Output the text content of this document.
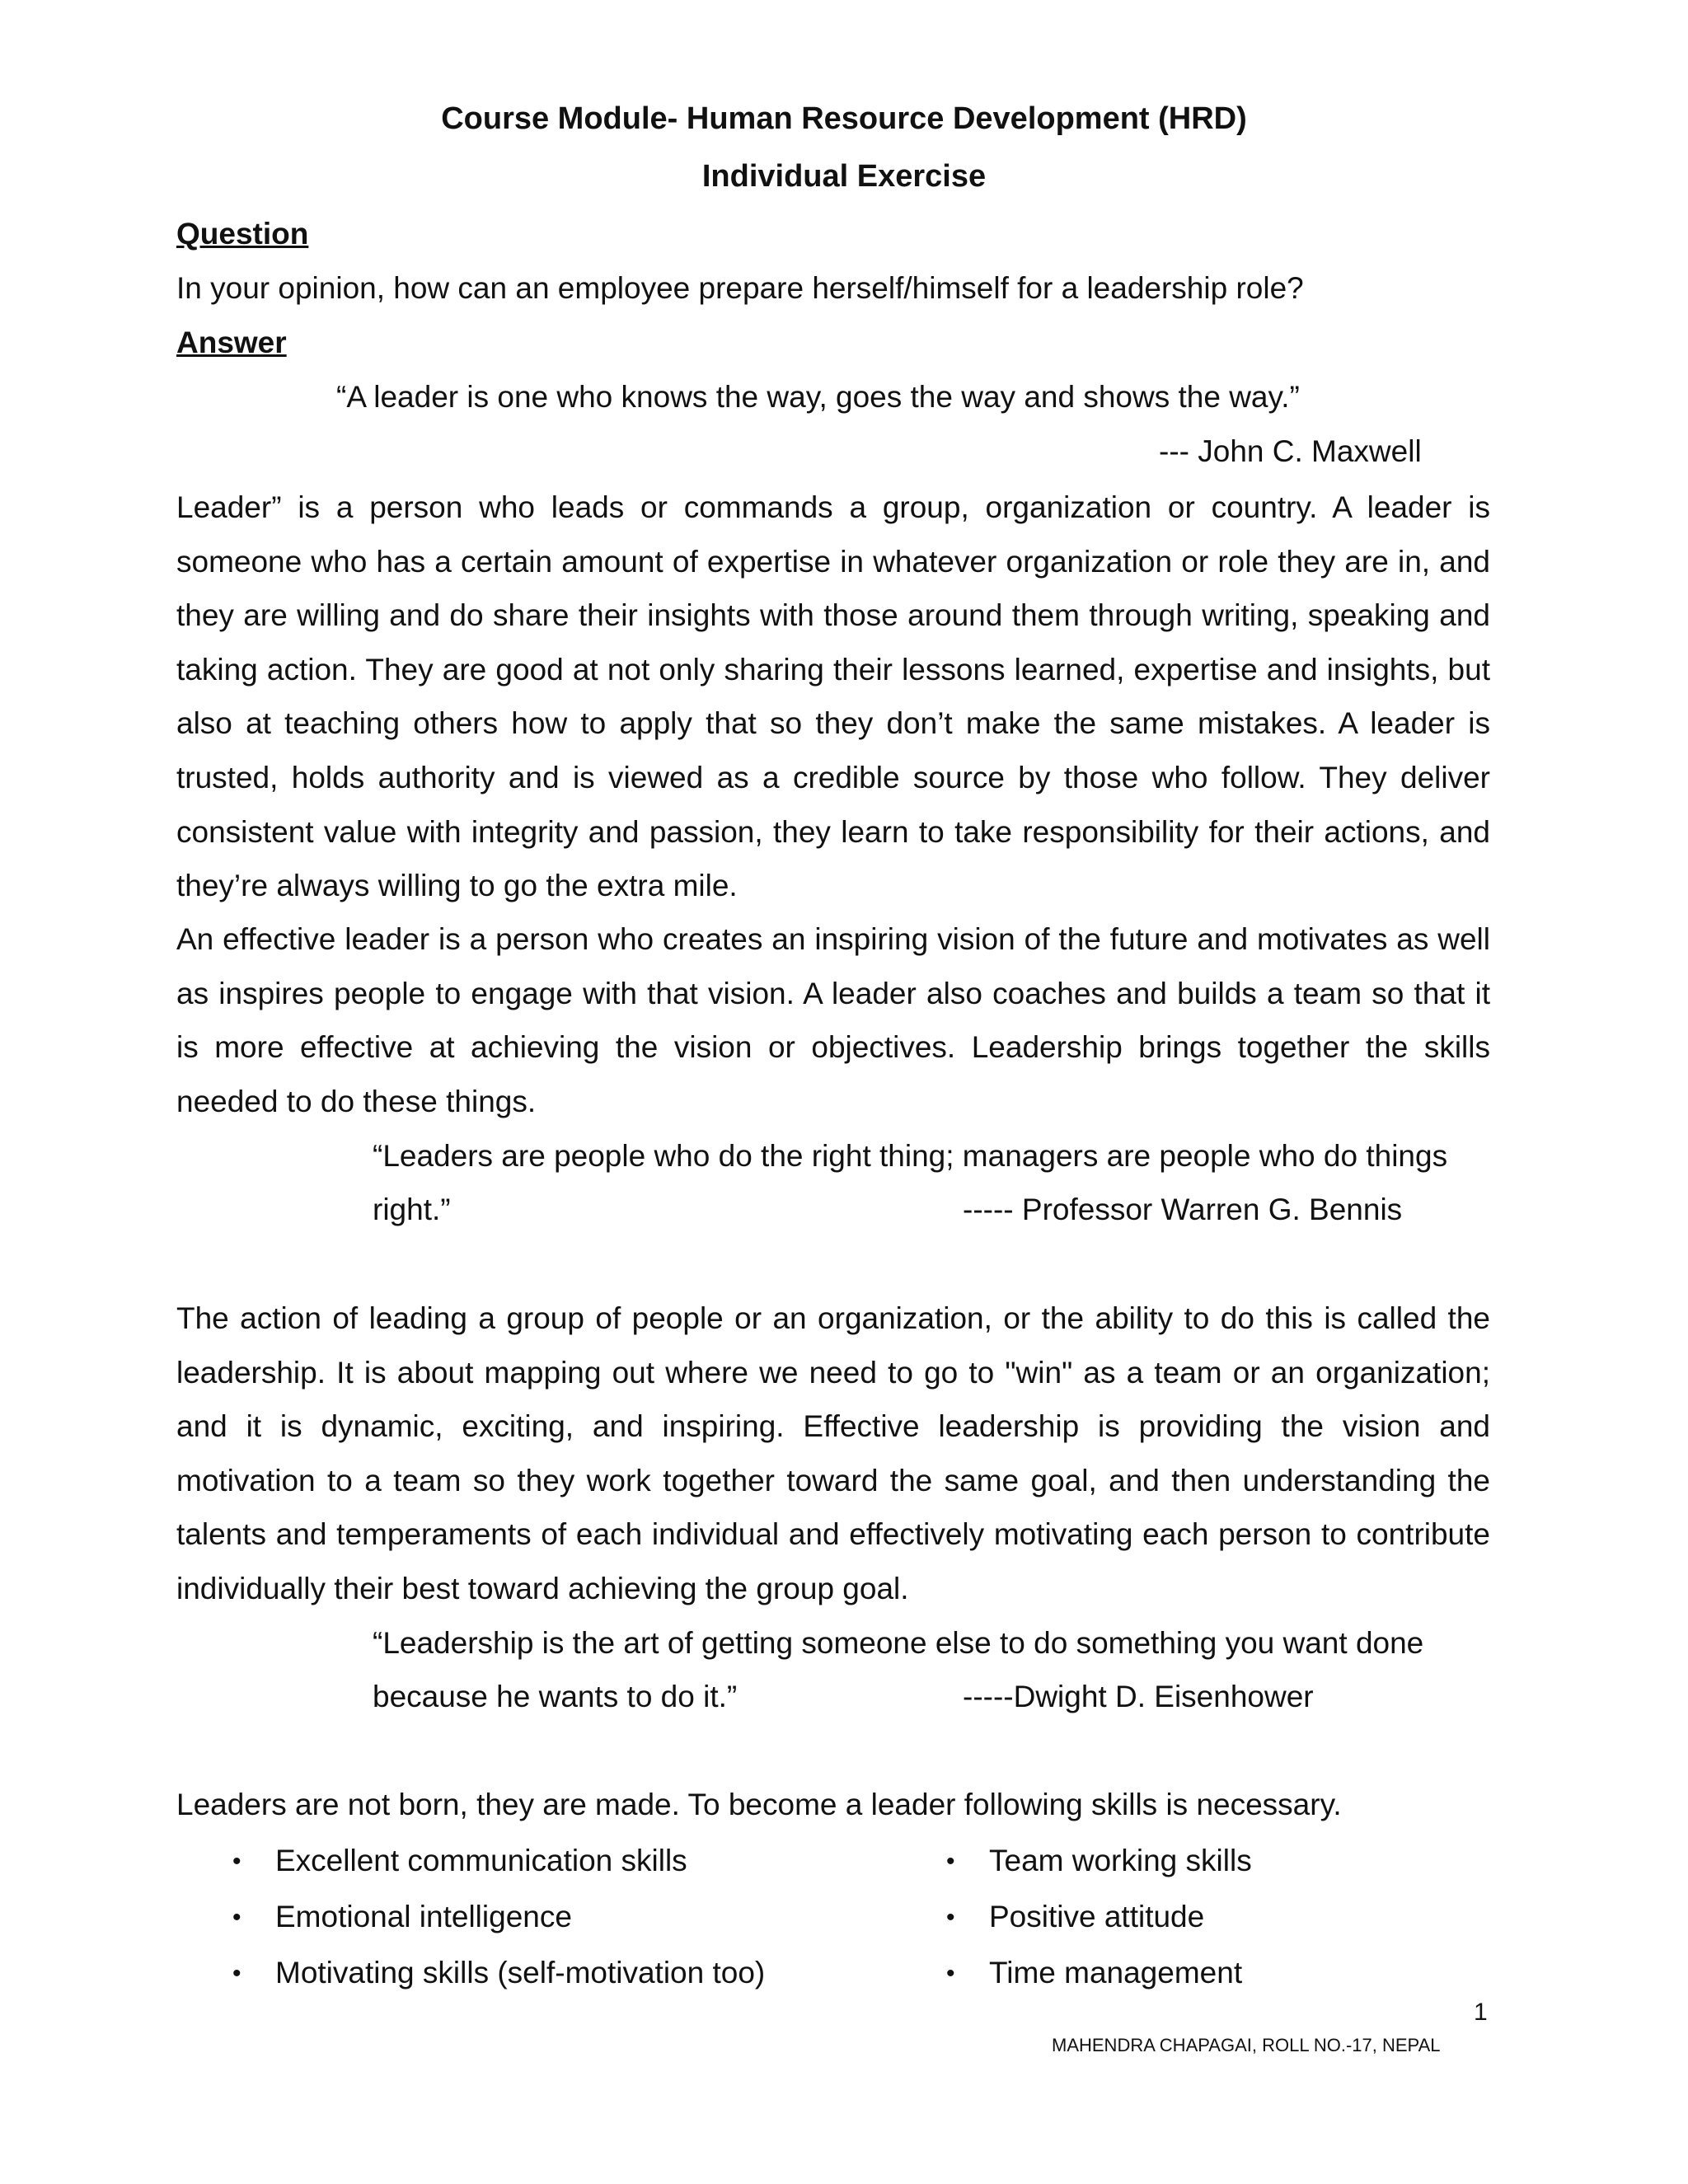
Course Module- Human Resource Development (HRD)

Individual Exercise

Question

In your opinion, how can an employee prepare herself/himself for a leadership role?

Answer

“A leader is one who knows the way, goes the way and shows the way.”

--- John C. Maxwell

Leader” is a person who leads or commands a group, organization or country. A leader is someone who has a certain amount of expertise in whatever organization or role they are in, and they are willing and do share their insights with those around them through writing, speaking and taking action. They are good at not only sharing their lessons learned, expertise and insights, but also at teaching others how to apply that so they don’t make the same mistakes. A leader is trusted, holds authority and is viewed as a credible source by those who follow. They deliver consistent value with integrity and passion, they learn to take responsibility for their actions, and they’re always willing to go the extra mile.

An effective leader is a person who creates an inspiring vision of the future and motivates as well as inspires people to engage with that vision. A leader also coaches and builds a team so that it is more effective at achieving the vision or objectives. Leadership brings together the skills needed to do these things.

“Leaders are people who do the right thing; managers are people who do things

right.”	----- Professor Warren G. Bennis

The action of leading a group of people or an organization, or the ability to do this is called the leadership. It is about mapping out where we need to go to "win" as a team or an organization; and it is dynamic, exciting, and inspiring. Effective leadership is providing the vision and motivation to a team so they work together toward the same goal, and then understanding the talents and temperaments of each individual and effectively motivating each person to contribute individually their best toward achieving the group goal.

“Leadership is the art of getting someone else to do something you want done

because he wants to do it.”	-----Dwight D. Eisenhower

Leaders are not born, they are made. To become a leader following skills is necessary.

• Excellent communication skills

• Emotional intelligence

• Motivating skills (self-motivation too)

• Team working skills

• Positive attitude

• Time management

1

MAHENDRA CHAPAGAI, ROLL NO.-17, NEPAL
